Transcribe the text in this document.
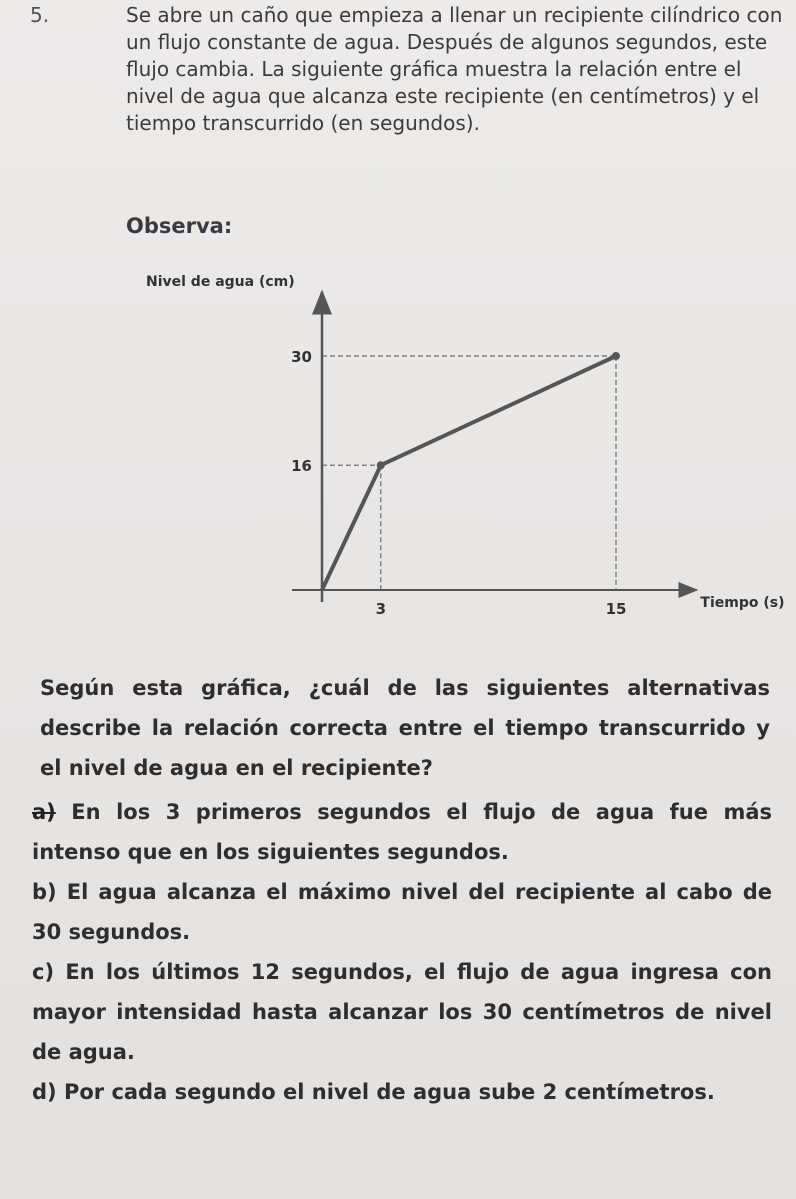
5.	Se abre un caño que empieza a llenar un recipiente cilíndrico con un flujo constante de agua. Después de algunos segundos, este flujo cambia. La siguiente gráfica muestra la relación entre el nivel de agua que alcanza este recipiente (en centímetros) y el tiempo transcurrido (en segundos).

Observa:
Nivel de agua (cm)
Tiempo (s)
16
30
3	15

Según esta gráfica, ¿cuál de las siguientes alternativas describe la relación correcta entre el tiempo transcurrido y el nivel de agua en el recipiente?

a) En los 3 primeros segundos el flujo de agua fue más intenso que en los siguientes segundos.

b) El agua alcanza el máximo nivel del recipiente al cabo de 30 segundos.

c) En los últimos 12 segundos, el flujo de agua ingresa con mayor intensidad hasta alcanzar los 30 centímetros de nivel de agua.

d) Por cada segundo el nivel de agua sube 2 centímetros.
